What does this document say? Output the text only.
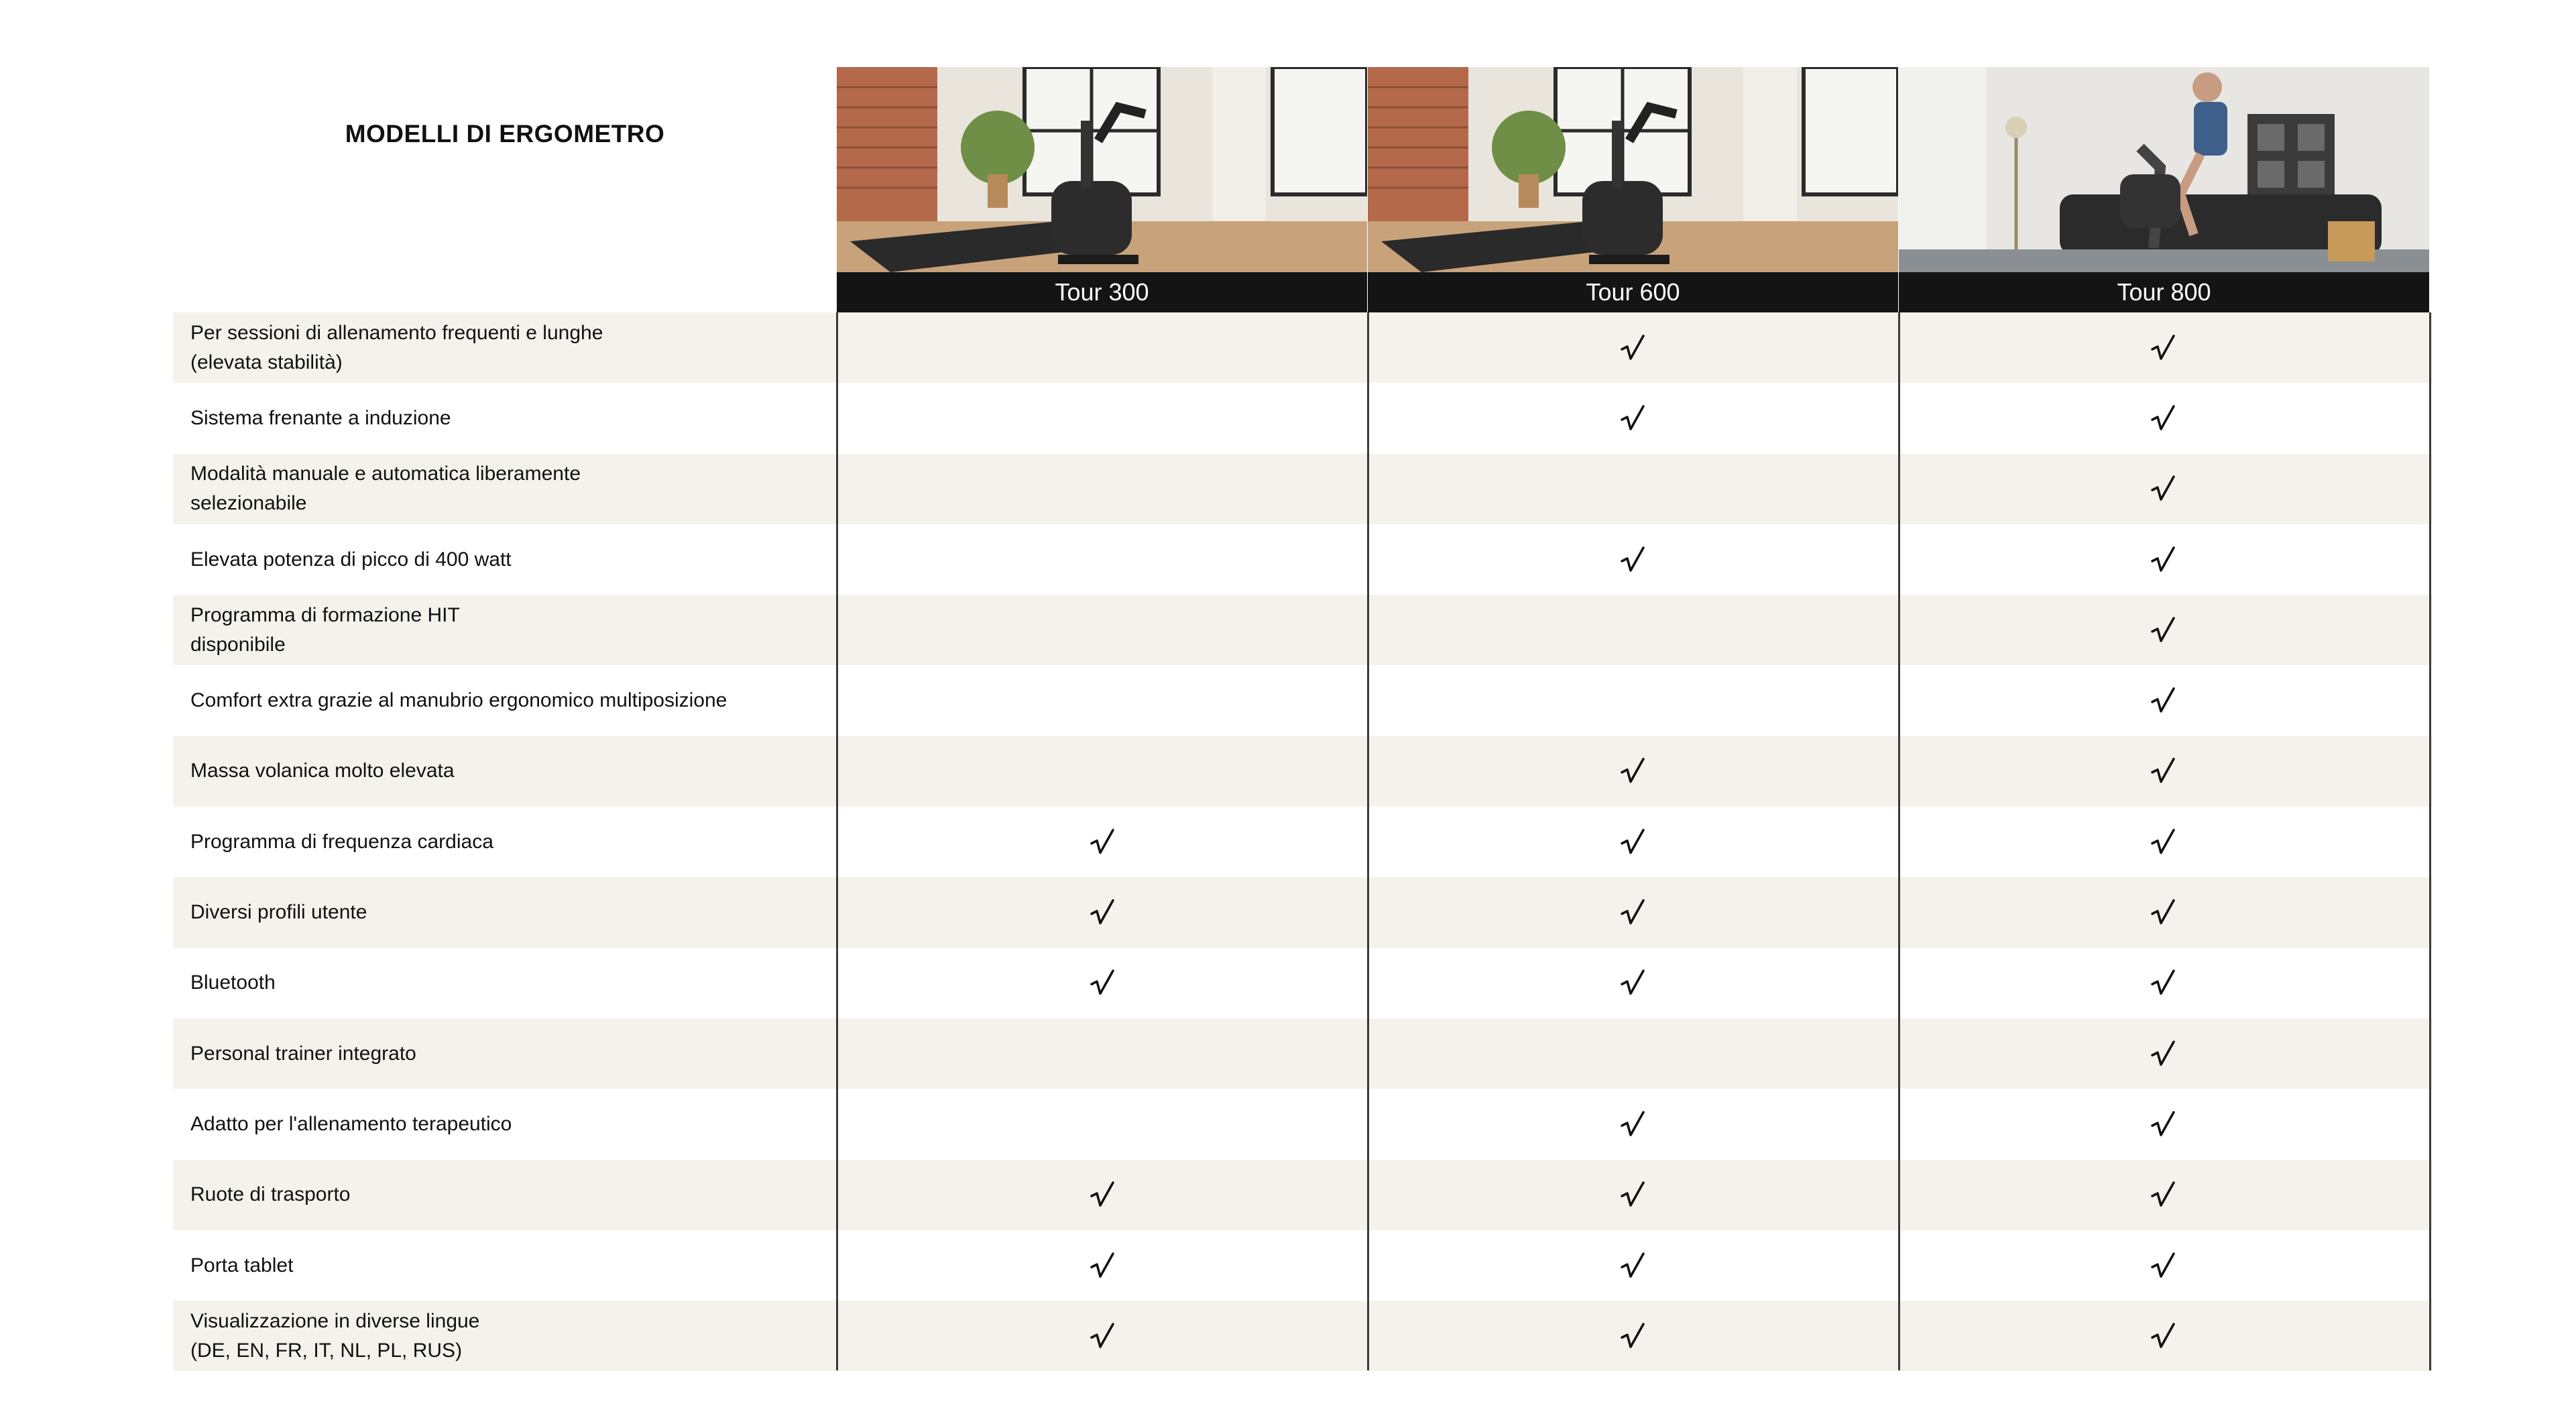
MODELLI DI ERGOMETRO
Tour 300	Tour 600	Tour 800
Per sessioni di allenamento frequenti e lunghe
(elevata stabilità)
Sistema frenante a induzione
Modalità manuale e automatica liberamente
selezionabile
Elevata potenza di picco di 400 watt
Programma di formazione HIT
disponibile
Comfort extra grazie al manubrio ergonomico multiposizione
Massa volanica molto elevata
Programma di frequenza cardiaca
Diversi profili utente
Bluetooth
Personal trainer integrato
Adatto per l'allenamento terapeutico
Ruote di trasporto
Porta tablet
Visualizzazione in diverse lingue
(DE, EN, FR, IT, NL, PL, RUS)
